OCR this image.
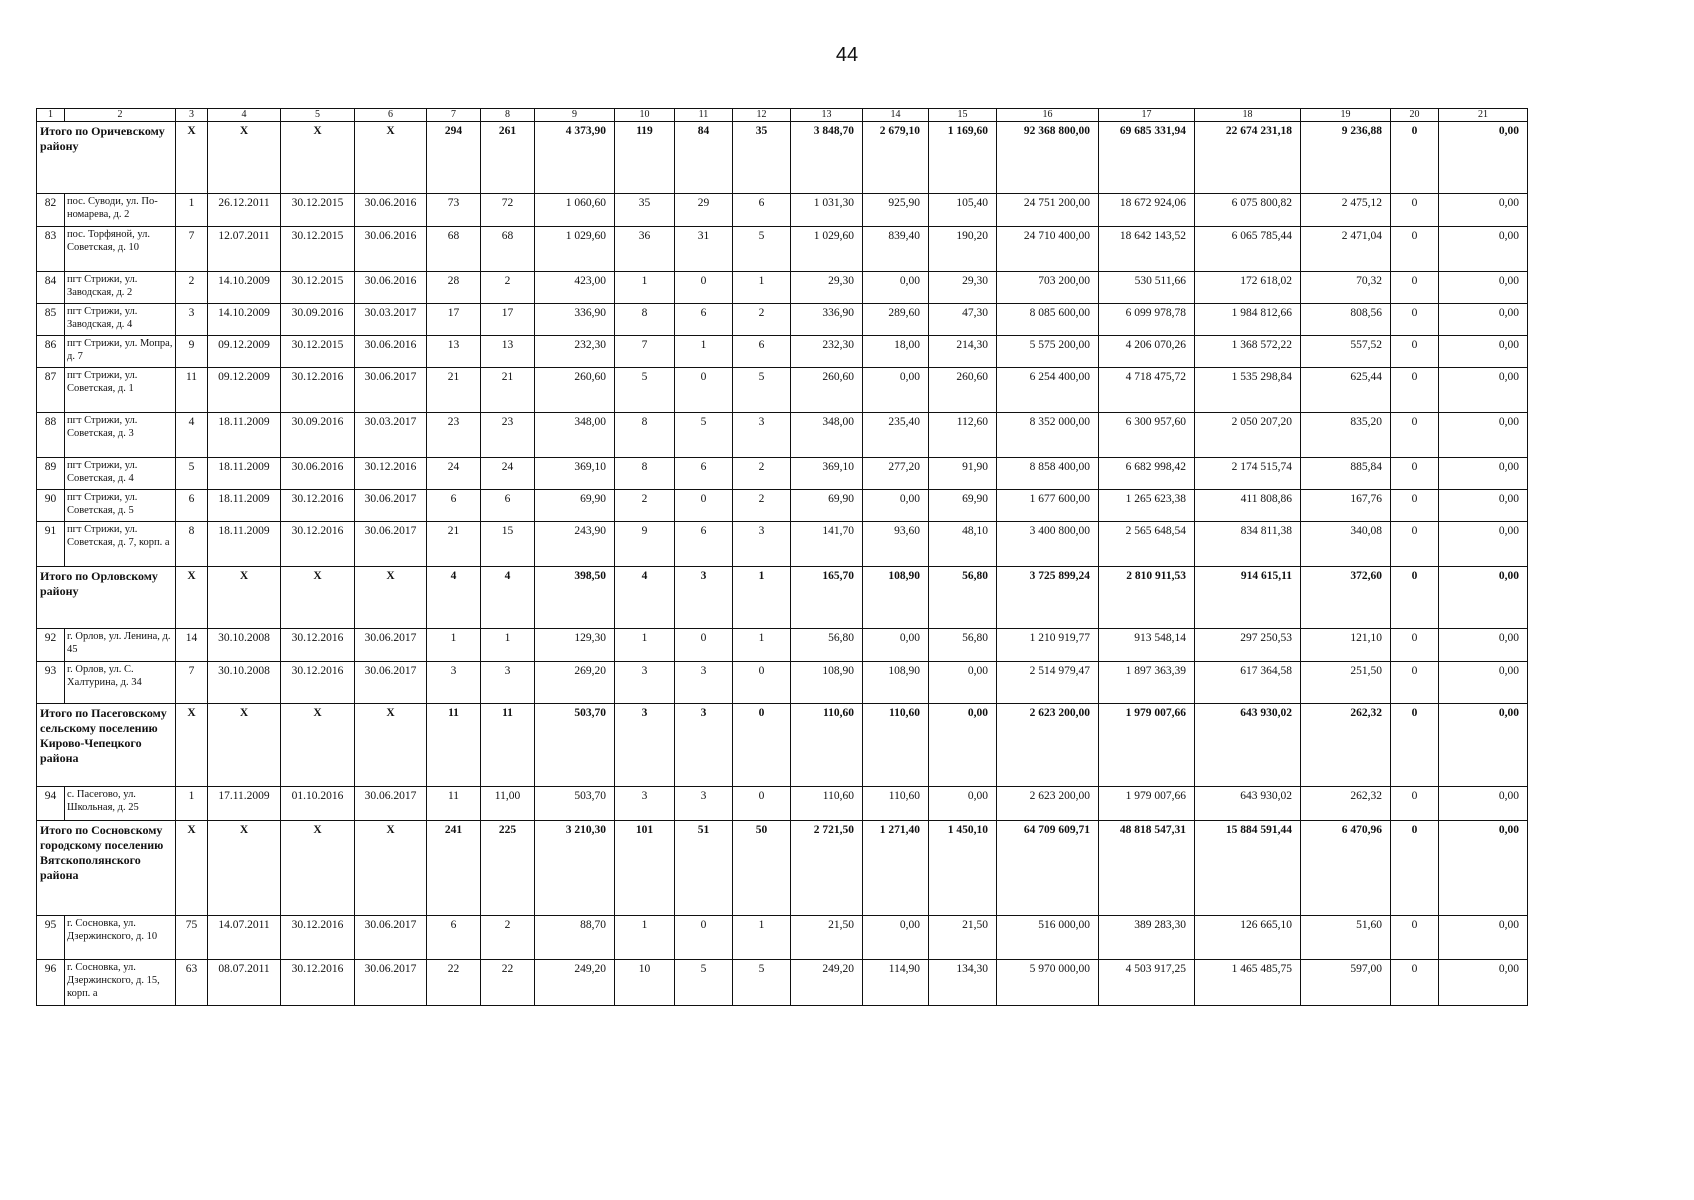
44
1	2	3	4	5	6	7	8	9	10	11	12	13	14	15	16	17	18	19	20	21
Итого по Оричевскому району		Х	Х	Х	Х	294	261	4 373,90	119	84	35	3 848,70	2 679,10	1 169,60	92 368 800,00	69 685 331,94	22 674 231,18	9 236,88	0	0,00
82	пос. Суводи, ул. По-номарева, д. 2	1	26.12.2011	30.12.2015	30.06.2016	73	72	1 060,60	35	29	6	1 031,30	925,90	105,40	24 751 200,00	18 672 924,06	6 075 800,82	2 475,12	0	0,00
83	пос. Торфяной, ул. Советская, д. 10	7	12.07.2011	30.12.2015	30.06.2016	68	68	1 029,60	36	31	5	1 029,60	839,40	190,20	24 710 400,00	18 642 143,52	6 065 785,44	2 471,04	0	0,00
84	пгт Стрижи, ул. Заводская, д. 2	2	14.10.2009	30.12.2015	30.06.2016	28	2	423,00	1	0	1	29,30	0,00	29,30	703 200,00	530 511,66	172 618,02	70,32	0	0,00
85	пгт Стрижи, ул. Заводская, д. 4	3	14.10.2009	30.09.2016	30.03.2017	17	17	336,90	8	6	2	336,90	289,60	47,30	8 085 600,00	6 099 978,78	1 984 812,66	808,56	0	0,00
86	пгт Стрижи, ул. Мопра, д. 7	9	09.12.2009	30.12.2015	30.06.2016	13	13	232,30	7	1	6	232,30	18,00	214,30	5 575 200,00	4 206 070,26	1 368 572,22	557,52	0	0,00
87	пгт Стрижи, ул. Советская, д. 1	11	09.12.2009	30.12.2016	30.06.2017	21	21	260,60	5	0	5	260,60	0,00	260,60	6 254 400,00	4 718 475,72	1 535 298,84	625,44	0	0,00
88	пгт Стрижи, ул. Советская, д. 3	4	18.11.2009	30.09.2016	30.03.2017	23	23	348,00	8	5	3	348,00	235,40	112,60	8 352 000,00	6 300 957,60	2 050 207,20	835,20	0	0,00
89	пгт Стрижи, ул. Советская, д. 4	5	18.11.2009	30.06.2016	30.12.2016	24	24	369,10	8	6	2	369,10	277,20	91,90	8 858 400,00	6 682 998,42	2 174 515,74	885,84	0	0,00
90	пгт Стрижи, ул. Советская, д. 5	6	18.11.2009	30.12.2016	30.06.2017	6	6	69,90	2	0	2	69,90	0,00	69,90	1 677 600,00	1 265 623,38	411 808,86	167,76	0	0,00
91	пгт Стрижи, ул. Советская, д. 7, корп. а	8	18.11.2009	30.12.2016	30.06.2017	21	15	243,90	9	6	3	141,70	93,60	48,10	3 400 800,00	2 565 648,54	834 811,38	340,08	0	0,00
Итого по Орловскому району		Х	Х	Х	Х	4	4	398,50	4	3	1	165,70	108,90	56,80	3 725 899,24	2 810 911,53	914 615,11	372,60	0	0,00
92	г. Орлов, ул. Ленина, д. 45	14	30.10.2008	30.12.2016	30.06.2017	1	1	129,30	1	0	1	56,80	0,00	56,80	1 210 919,77	913 548,14	297 250,53	121,10	0	0,00
93	г. Орлов, ул. С. Халтурина, д. 34	7	30.10.2008	30.12.2016	30.06.2017	3	3	269,20	3	3	0	108,90	108,90	0,00	2 514 979,47	1 897 363,39	617 364,58	251,50	0	0,00
Итого по Пасеговскому сельскому поселению Кирово-Чепецкого района		Х	Х	Х	Х	11	11	503,70	3	3	0	110,60	110,60	0,00	2 623 200,00	1 979 007,66	643 930,02	262,32	0	0,00
94	с. Пасегово, ул. Школьная, д. 25	1	17.11.2009	01.10.2016	30.06.2017	11	11,00	503,70	3	3	0	110,60	110,60	0,00	2 623 200,00	1 979 007,66	643 930,02	262,32	0	0,00
Итого по Сосновскому городскому поселению Вятскополянского района		Х	Х	Х	Х	241	225	3 210,30	101	51	50	2 721,50	1 271,40	1 450,10	64 709 609,71	48 818 547,31	15 884 591,44	6 470,96	0	0,00
95	г. Сосновка, ул. Дзержинского, д. 10	75	14.07.2011	30.12.2016	30.06.2017	6	2	88,70	1	0	1	21,50	0,00	21,50	516 000,00	389 283,30	126 665,10	51,60	0	0,00
96	г. Сосновка, ул. Дзержинского, д. 15, корп. а	63	08.07.2011	30.12.2016	30.06.2017	22	22	249,20	10	5	5	249,20	114,90	134,30	5 970 000,00	4 503 917,25	1 465 485,75	597,00	0	0,00
